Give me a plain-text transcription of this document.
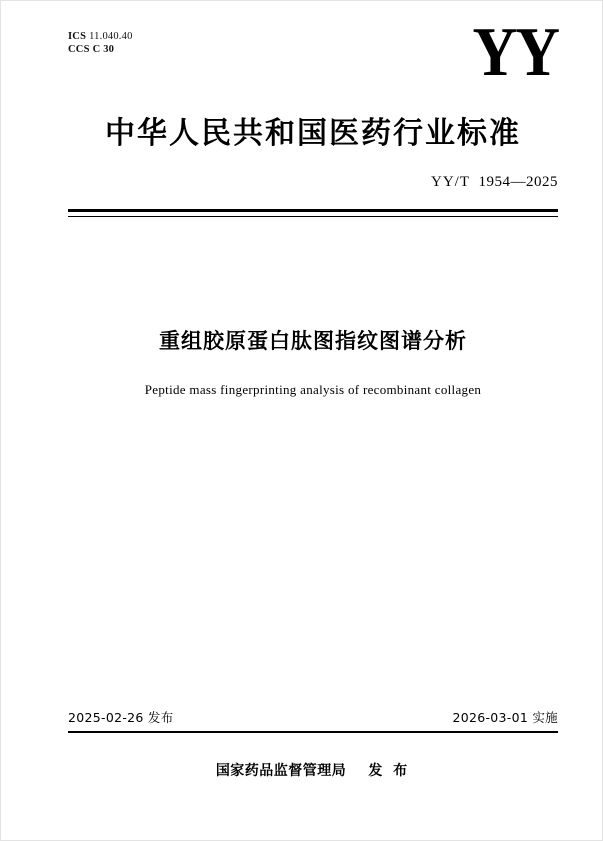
ICS 11.040.40
CCS C 30	YY
中华人民共和国医药行业标准
YY/T 1954—2025
重组胶原蛋白肽图指纹图谱分析
Peptide mass fingerprinting analysis of recombinant collagen
2025-02-26 发布	2026-03-01 实施
国家药品监督管理局 发 布
